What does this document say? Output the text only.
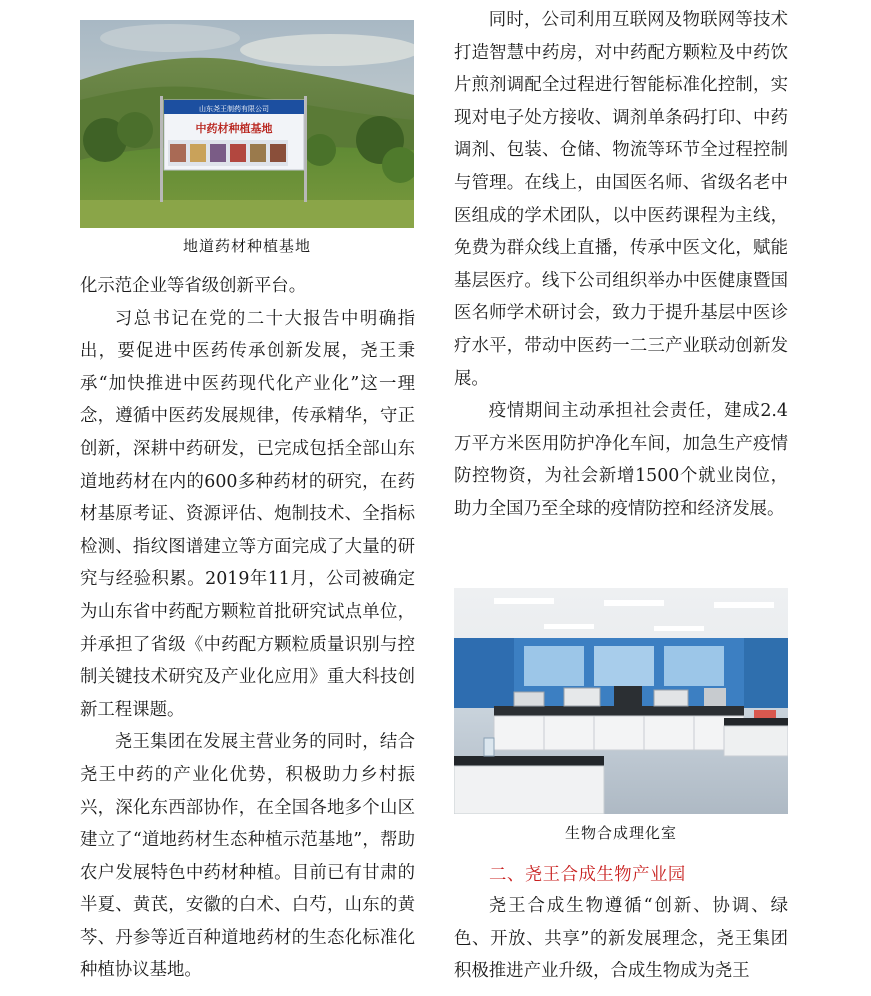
山东尧王制药有限公司
中药材种植基地
地道药材种植基地

化示范企业等省级创新平台。

习总书记在党的二十大报告中明确指出，要促进中医药传承创新发展，尧王秉承“加快推进中医药现代化产业化”这一理念，遵循中医药发展规律，传承精华，守正创新，深耕中药研发，已完成包括全部山东道地药材在内的600多种药材的研究，在药材基原考证、资源评估、炮制技术、全指标检测、指纹图谱建立等方面完成了大量的研究与经验积累。2019年11月，公司被确定为山东省中药配方颗粒首批研究试点单位，并承担了省级《中药配方颗粒质量识别与控制关键技术研究及产业化应用》重大科技创新工程课题。

尧王集团在发展主营业务的同时，结合尧王中药的产业化优势，积极助力乡村振兴，深化东西部协作，在全国各地多个山区建立了“道地药材生态种植示范基地”，帮助农户发展特色中药材种植。目前已有甘肃的半夏、黄芪，安徽的白术、白芍，山东的黄芩、丹参等近百种道地药材的生态化标准化种植协议基地。

同时，公司利用互联网及物联网等技术打造智慧中药房，对中药配方颗粒及中药饮片煎剂调配全过程进行智能标准化控制，实现对电子处方接收、调剂单条码打印、中药调剂、包装、仓储、物流等环节全过程控制与管理。在线上，由国医名师、省级名老中医组成的学术团队，以中医药课程为主线，免费为群众线上直播，传承中医文化，赋能基层医疗。线下公司组织举办中医健康暨国医名师学术研讨会，致力于提升基层中医诊疗水平，带动中医药一二三产业联动创新发展。

疫情期间主动承担社会责任，建成2.4万平方米医用防护净化车间，加急生产疫情防控物资，为社会新增1500个就业岗位，助力全国乃至全球的疫情防控和经济发展。

生物合成理化室
二、尧王合成生物产业园

尧王合成生物遵循“创新、协调、绿色、开放、共享”的新发展理念，尧王集团积极推进产业升级，合成生物成为尧王
